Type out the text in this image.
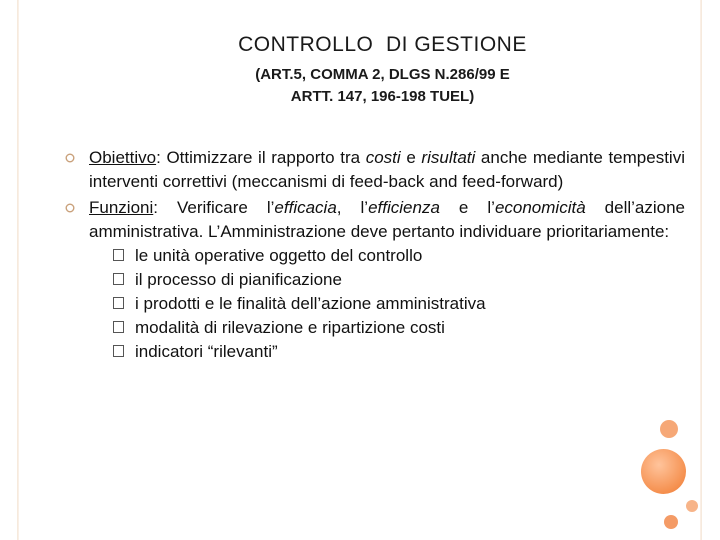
CONTROLLO  DI GESTIONE
(ART.5, COMMA 2, DLGS N.286/99 E
ARTT. 147, 196-198 TUEL)
Obiettivo: Ottimizzare il rapporto tra costi e risultati anche mediante tempestivi interventi correttivi (meccanismi di feed-back and feed-forward)
Funzioni: Verificare l’efficacia, l’efficienza e l’economicità dell’azione amministrativa. L’Amministrazione deve pertanto individuare prioritariamente:
le unità operative oggetto del controllo
il processo di pianificazione
i prodotti e le finalità dell’azione amministrativa
modalità di rilevazione e ripartizione costi
indicatori “rilevanti”
